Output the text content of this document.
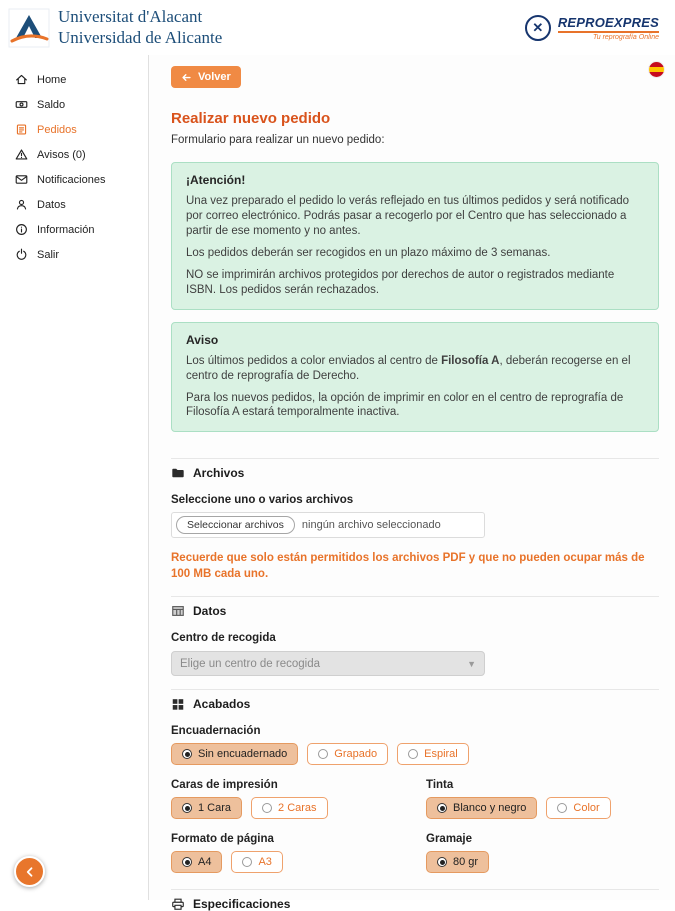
Universitat d'Alacant
Universidad de Alicante
✕	REPROEXPRES
Tu reprografía Online
Home
Saldo
Pedidos
Avisos (0)
Notificaciones
Datos
Información
Salir
Volver
Realizar nuevo pedido
Formulario para realizar un nuevo pedido:
¡Atención!

Una vez preparado el pedido lo verás reflejado en tus últimos pedidos y será notificado por correo electrónico. Podrás pasar a recogerlo por el Centro que has seleccionado a partir de ese momento y no antes.

Los pedidos deberán ser recogidos en un plazo máximo de 3 semanas.

NO se imprimirán archivos protegidos por derechos de autor o registrados mediante ISBN. Los pedidos serán rechazados.

Aviso

Los últimos pedidos a color enviados al centro de Filosofía A, deberán recogerse en el centro de reprografía de Derecho.

Para los nuevos pedidos, la opción de imprimir en color en el centro de reprografía de Filosofía A estará temporalmente inactiva.

Archivos
Seleccione uno o varios archivos
Seleccionar archivos	ningún archivo seleccionado
Recuerde que solo están permitidos los archivos PDF y que no pueden ocupar más de 100 MB cada uno.
Datos
Centro de recogida
Elige un centro de recogida	▼
Acabados
Encuadernación
Sin encuadernado	Grapado	Espiral
Caras de impresión
1 Cara	2 Caras
Tinta
Blanco y negro	Color
Formato de página
A4	A3
Gramaje
80 gr
Especificaciones
